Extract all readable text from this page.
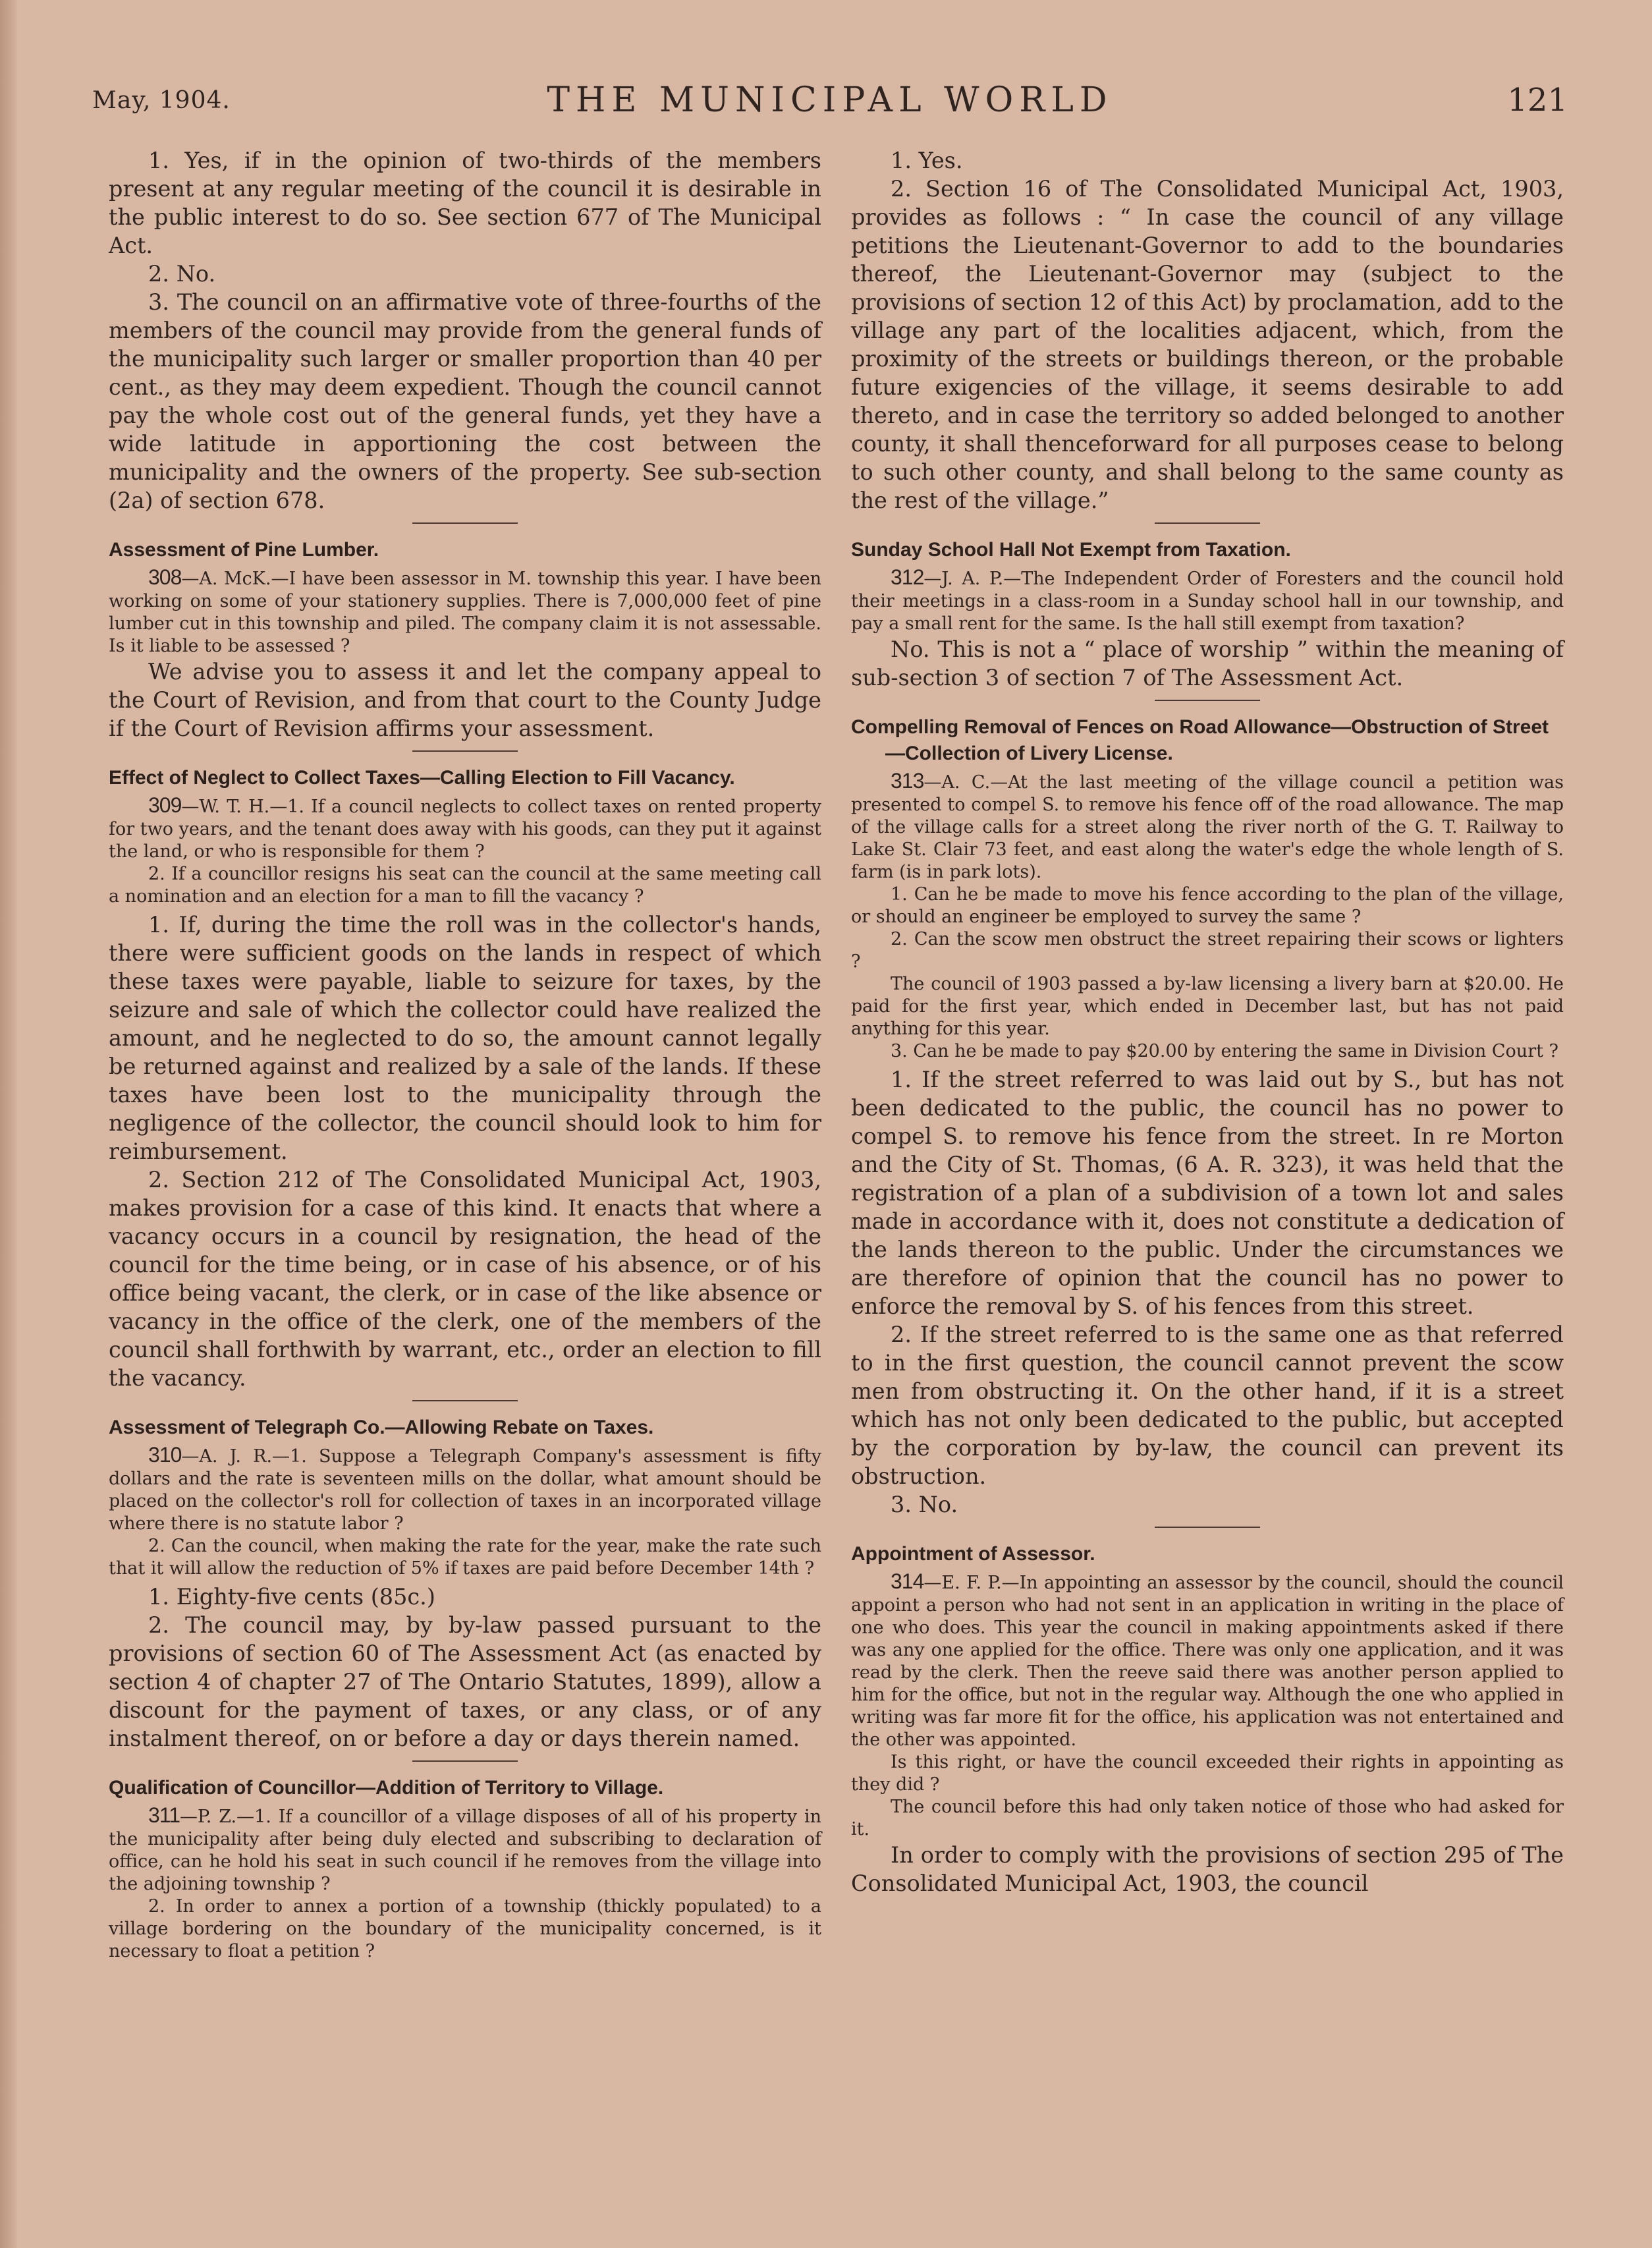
May, 1904.	THE MUNICIPAL WORLD	121

1. Yes, if in the opinion of two-thirds of the members present at any regular meeting of the council it is desirable in the public interest to do so. See section 677 of The Municipal Act.

2. No.

3. The council on an affirmative vote of three-fourths of the members of the council may provide from the general funds of the municipality such larger or smaller proportion than 40 per cent., as they may deem expedient. Though the council cannot pay the whole cost out of the general funds, yet they have a wide latitude in apportioning the cost between the municipality and the owners of the property. See sub-section (2a) of section 678.

Assessment of Pine Lumber.

308—A. McK.—I have been assessor in M. township this year. I have been working on some of your stationery supplies. There is 7,000,000 feet of pine lumber cut in this township and piled. The company claim it is not assessable. Is it liable to be assessed ?

We advise you to assess it and let the company appeal to the Court of Revision, and from that court to the County Judge if the Court of Revision affirms your assessment.

Effect of Neglect to Collect Taxes—Calling Election to Fill Vacancy.

309—W. T. H.—1. If a council neglects to collect taxes on rented property for two years, and the tenant does away with his goods, can they put it against the land, or who is responsible for them ?

2. If a councillor resigns his seat can the council at the same meeting call a nomination and an election for a man to fill the vacancy ?

1. If, during the time the roll was in the collector's hands, there were sufficient goods on the lands in respect of which these taxes were payable, liable to seizure for taxes, by the seizure and sale of which the collector could have realized the amount, and he neglected to do so, the amount cannot legally be returned against and realized by a sale of the lands. If these taxes have been lost to the municipality through the negligence of the collector, the council should look to him for reimbursement.

2. Section 212 of The Consolidated Municipal Act, 1903, makes provision for a case of this kind. It enacts that where a vacancy occurs in a council by resignation, the head of the council for the time being, or in case of his absence, or of his office being vacant, the clerk, or in case of the like absence or vacancy in the office of the clerk, one of the members of the council shall forthwith by warrant, etc., order an election to fill the vacancy.

Assessment of Telegraph Co.—Allowing Rebate on Taxes.

310—A. J. R.—1. Suppose a Telegraph Company's assessment is fifty dollars and the rate is seventeen mills on the dollar, what amount should be placed on the collector's roll for collection of taxes in an incorporated village where there is no statute labor ?

2. Can the council, when making the rate for the year, make the rate such that it will allow the reduction of 5% if taxes are paid before December 14th ?

1. Eighty-five cents (85c.)

2. The council may, by by-law passed pursuant to the provisions of section 60 of The Assessment Act (as enacted by section 4 of chapter 27 of The Ontario Statutes, 1899), allow a discount for the payment of taxes, or any class, or of any instalment thereof, on or before a day or days therein named.

Qualification of Councillor—Addition of Territory to Village.

311—P. Z.—1. If a councillor of a village disposes of all of his property in the municipality after being duly elected and subscribing to declaration of office, can he hold his seat in such council if he removes from the village into the adjoining township ?

2. In order to annex a portion of a township (thickly populated) to a village bordering on the boundary of the municipality concerned, is it necessary to float a petition ?

1. Yes.

2. Section 16 of The Consolidated Municipal Act, 1903, provides as follows : “ In case the council of any village petitions the Lieutenant-Governor to add to the boundaries thereof, the Lieutenant-Governor may (subject to the provisions of section 12 of this Act) by proclamation, add to the village any part of the localities adjacent, which, from the proximity of the streets or buildings thereon, or the probable future exigencies of the village, it seems desirable to add thereto, and in case the territory so added belonged to another county, it shall thenceforward for all purposes cease to belong to such other county, and shall belong to the same county as the rest of the village.”

Sunday School Hall Not Exempt from Taxation.

312—J. A. P.—The Independent Order of Foresters and the council hold their meetings in a class-room in a Sunday school hall in our township, and pay a small rent for the same. Is the hall still exempt from taxation?

No. This is not a “ place of worship ” within the meaning of sub-section 3 of section 7 of The Assessment Act.

Compelling Removal of Fences on Road Allowance—Obstruction of Street—Collection of Livery License.

313—A. C.—At the last meeting of the village council a petition was presented to compel S. to remove his fence off of the road allowance. The map of the village calls for a street along the river north of the G. T. Railway to Lake St. Clair 73 feet, and east along the water's edge the whole length of S. farm (is in park lots).

1. Can he be made to move his fence according to the plan of the village, or should an engineer be employed to survey the same ?

2. Can the scow men obstruct the street repairing their scows or lighters ?

The council of 1903 passed a by-law licensing a livery barn at $20.00. He paid for the first year, which ended in December last, but has not paid anything for this year.

3. Can he be made to pay $20.00 by entering the same in Division Court ?

1. If the street referred to was laid out by S., but has not been dedicated to the public, the council has no power to compel S. to remove his fence from the street. In re Morton and the City of St. Thomas, (6 A. R. 323), it was held that the registration of a plan of a subdivision of a town lot and sales made in accordance with it, does not constitute a dedication of the lands thereon to the public. Under the circumstances we are therefore of opinion that the council has no power to enforce the removal by S. of his fences from this street.

2. If the street referred to is the same one as that referred to in the first question, the council cannot prevent the scow men from obstructing it. On the other hand, if it is a street which has not only been dedicated to the public, but accepted by the corporation by by-law, the council can prevent its obstruction.

3. No.

Appointment of Assessor.

314—E. F. P.—In appointing an assessor by the council, should the council appoint a person who had not sent in an application in writing in the place of one who does. This year the council in making appointments asked if there was any one applied for the office. There was only one application, and it was read by the clerk. Then the reeve said there was another person applied to him for the office, but not in the regular way. Although the one who applied in writing was far more fit for the office, his application was not entertained and the other was appointed.

Is this right, or have the council exceeded their rights in appointing as they did ?

The council before this had only taken notice of those who had asked for it.

In order to comply with the provisions of section 295 of The Consolidated Municipal Act, 1903, the council
